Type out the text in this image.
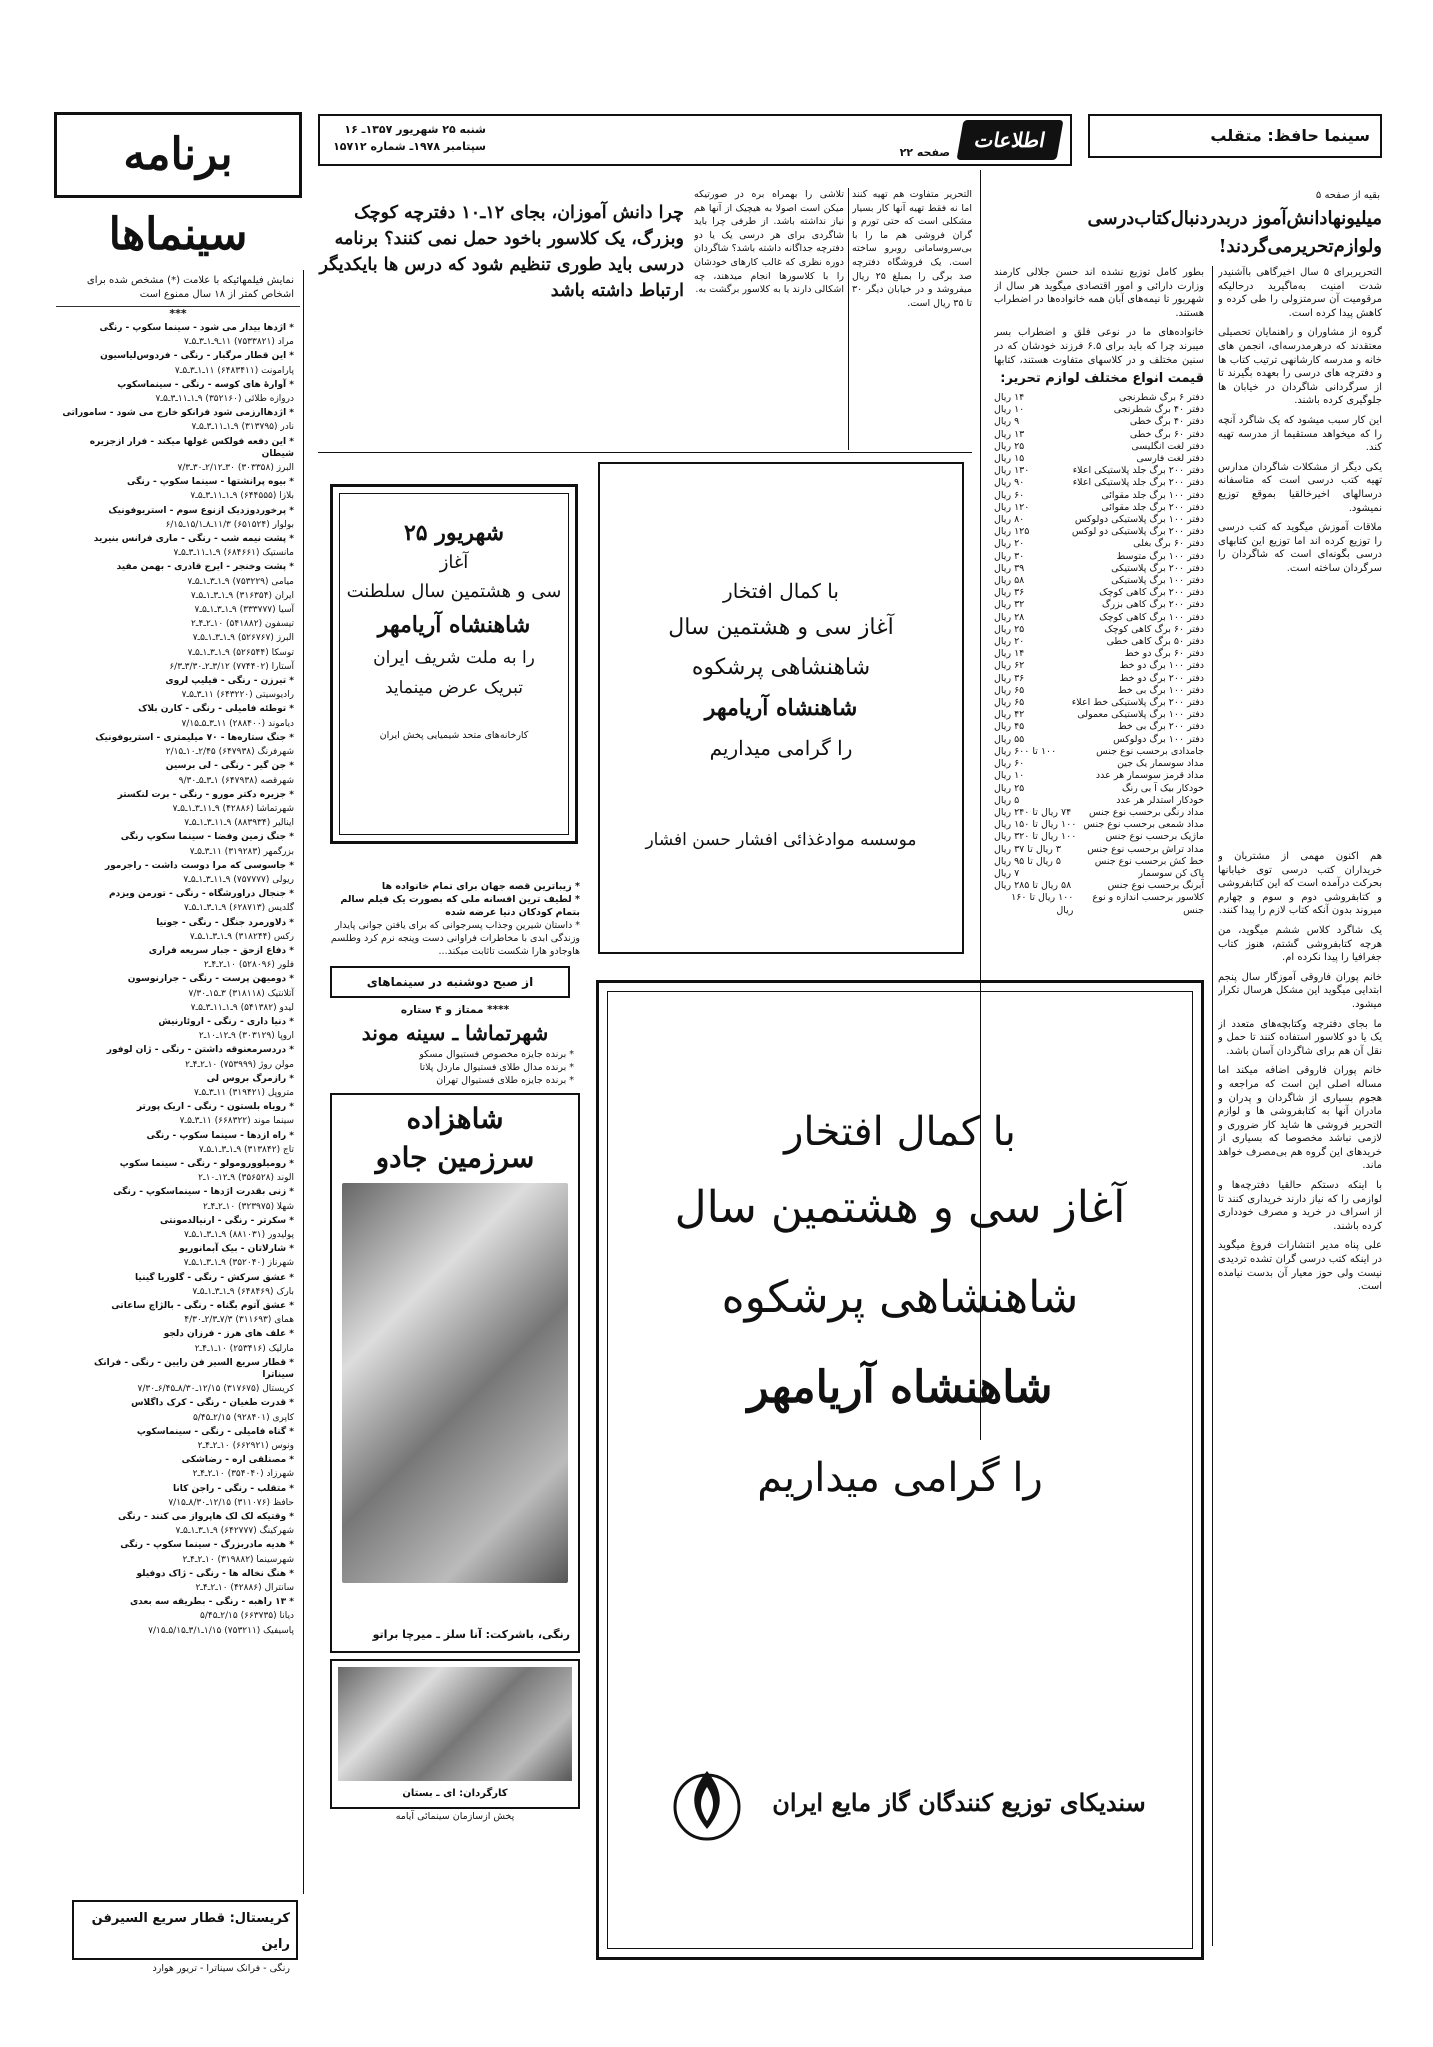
برنامه سینماها
شنبه ۲۵ شهریور ۱۳۵۷ـ ۱۶
سپتامبر ۱۹۷۸ـ شماره ۱۵۷۱۲	صفحه ۲۲
اطلاعات	سینما حافظ: متقلب
نمایش فیلمهائیکه با علامت (*) مشخص شده برای اشخاص کمتر از ۱۸ سال ممنوع است
***
* اژدها بیدار می شود - سینما سکوپ - رنگی
مراد (۷۵۳۳۸۲۱) ۱۱ـ۹ـ۱ـ۳ـ۵ـ۷
* این قطار مرگبار - رنگی - فردوس‌لیاسیون
پارامونت (۶۴۸۳۴۱۱) ۱۱ـ۱ـ۳ـ۵ـ۷
* آوارهٔ های کوسه - رنگی - سینماسکوپ
دروازه طلائی (۳۵۲۱۶۰) ۹ـ۱ـ۱۱ـ۳ـ۵ـ۷
* اژدها‌ارزمی شود فرانکو خارج می شود - ساموراتی
نادر (۳۱۳۷۹۵) ۹ـ۱ـ۱۱ـ۳ـ۵ـ۷
* این دفعه فولکس غولها میکند - فرار ازجزیره شیطان
البرز (۳۰۳۳۵۸) ۳۰ـ۲/۱۲ـ۳۰ـ۷/۳
* بیوه پرانشتها - سینما سکوپ - رنگی
بلازا (۶۴۴۵۵۵) ۹ـ۱ـ۱۱ـ۳ـ۵ـ۷
* پرخوردوزدیک ازنوع سوم - استریوفونیک
بولوار (۶۵۱۵۲۴) ۱۱/۳ـ۸ـ۱۵/۱ـ۶/۱۵
* پشت نیمه شب - رنگی - ماری فرانس بنیرید
مانستیک (۶۸۴۶۶۱) ۹ـ۱ـ۱۱ـ۳ـ۵ـ۷
* پشت وخنجر - ایرج قادری - بهمن مفید
میامی (۷۵۳۲۲۹) ۹ـ۱ـ۳ـ۱ـ۵ـ۷
ایران (۳۱۶۳۵۴) ۹ـ۱ـ۳ـ۱ـ۵ـ۷
آسیا (۳۳۳۷۷۷) ۹ـ۱ـ۳ـ۱ـ۵ـ۷
تیسفون (۵۴۱۸۸۲) ۱۰ـ۲ـ۴ـ۲
البرز (۵۲۶۷۶۷) ۹ـ۱ـ۳ـ۱ـ۵ـ۷
توسکا (۵۲۶۵۴۴) ۹ـ۱ـ۳ـ۱ـ۵ـ۷
آستارا (۷۷۴۴۰۲) ۳/۱۲ـ۲ـ۳/۳۰ـ۶/۳
* تیرزن - رنگی - فیلیپ لروی
رادیوسیتی (۶۴۳۲۲۰) ۱۱ـ۳ـ۵ـ۷
* توطئه فامیلی - رنگی - کارن بلاک
دیاموند (۲۸۸۴۰۰) ۱۱ـ۳ـ۵ـ۷/۱۵
* جنگ ستاره‌ها - ۷۰ میلیمتری - استریوفونیک
شهرفرنگ (۶۴۷۹۳۸) ۲/۴۵ـ۱۰ـ۲/۱۵
* جن گیر - رنگی - لی برسین
شهرقصه (۶۴۷۹۳۸) ۱ـ۳ـ۵ـ۹/۳۰
* جزیره دکتر مورو - رنگی - برت لنکستر
شهرتماشا (۴۲۸۸۶) ۹ـ۱۱ـ۳ـ۱ـ۵ـ۷
اینالیر (۸۸۳۹۳۴) ۹ـ۱۱ـ۳ـ۱ـ۵ـ۷
* جنگ زمین وفضا - سینما سکوپ رنگی
بزرگمهر (۳۱۹۲۸۳) ۱۱ـ۳ـ۵ـ۷
* جاسوسی که مرا دوست داشت - راجرمور
ریولی (۷۵۷۷۷۷) ۹ـ۱۱ـ۳ـ۱ـ۵ـ۷
* جنجال دراورشگاه - رنگی - تورمن ویزدم
گلدیس (۶۲۸۷۱۳) ۹ـ۱ـ۳ـ۱ـ۵ـ۷
* دلاورمرد جنگل - رنگی - جونیا
رکس (۳۱۸۲۴۴) ۹ـ۱ـ۳ـ۱ـ۵ـ۷
* دفاع ازحق - جبار سریعه فراری
فلور (۵۲۸۰۹۶) ۱۰ـ۲ـ۴ـ۲
* دوميهن پرست - رنگی - جرارنوسون
آتلانتیک (۳۱۸۱۱۸) ۳ـ۱۵ـ۷/۳۰
لیدو (۵۴۱۳۸۲) ۹ـ۱ـ۱۱ـ۳ـ۵ـ۷
* دنیا داری - رنگی - اروئارنیش
اروپا (۳۰۳۱۲۹) ۹ـ۱۲ـ۱۰ـ۲
* دردسرمعنوقه داشتن - رنگی - ژان لوفور
مولن روژ (۷۵۳۹۹۹) ۱۰ـ۲ـ۴ـ۲
* رازمرگ بروس لی
متروپل (۳۱۹۴۲۱) ۱۱ـ۳ـ۵ـ۷
* رویاه بلستون - رنگی - اریک پورتر
سینما موند (۶۶۸۳۲۲) ۱۱ـ۳ـ۵ـ۷
* راه ازدها - سینما سکوپ - رنگی
تاج (۳۱۳۸۴۲) ۹ـ۱ـ۳ـ۱ـ۵ـ۷
* رومیلوورومولو - رنگی - سینما سکوپ
الوند (۳۵۶۵۲۸) ۹ـ۱۲ـ۱۰ـ۲
* زنی بقدرت اژدها - سینماسکوپ - رنگی
شهلا (۳۲۳۹۷۵) ۱۰ـ۲ـ۴ـ۲
* سکرتر - رنگی - ارنیالدمونتی
پولیدور (۸۸۱۰۳۱) ۹ـ۱ـ۳ـ۱ـ۵ـ۷
* شارلاتان - بیک آبمانوریو
شهرناز (۳۵۲۰۴۰) ۹ـ۱ـ۳ـ۱ـ۵ـ۷
* عشق سرکش - رنگی - گلوریا گینیا
بارک (۶۴۸۴۶۹) ۹ـ۱ـ۳ـ۱ـ۵ـ۷
* عشق آتوم بگناه - رنگی - بالژاچ ساعاتی
همای (۳۱۱۶۹۳) ۷/۳ـ۲/۳ـ۴/۳۰
* علف های هرز - فرزان دلجو
مارلیک (۲۵۳۴۱۶) ۱۰ـ۱ـ۴ـ۲
* قطار سریع السیر فن رایین - رنگی - فرانک سیناترا
کریستال (۳۱۷۶۷۵) ۱۲/۱۵ـ۸/۳۰ـ۶/۴۵ـ۷/۳۰
* قدرت طغیان - رنگی - کرک داگلاس
کاپری (۹۲۸۴۰۱) ۲/۱۵ـ۵/۴۵
* گناه فامیلی - رنگی - سینماسکوپ
ونوس (۶۶۲۹۲۱) ۱۰ـ۲ـ۴ـ۲
* مصنلقی اره - رضا‌شکی
شهرزاد (۳۵۴۰۴۰) ۱۰ـ۲ـ۴ـ۲
* متقلب - رنگی - راجن کانا
حافظ (۳۱۱۰۷۶) ۱۲/۱۵ـ۸/۳۰ـ۷/۱۵
* وقتیکه لک لک هاپرواز می کنند - رنگی
شهرکینگ (۶۴۲۷۷۷) ۹ـ۱ـ۳ـ۱ـ۵ـ۷
* هدیه مادربزرگ - سینما سکوپ - رنگی
شهرسینما (۳۱۹۸۸۲) ۱۰ـ۲ـ۴ـ۲
* هنگ نخاله ها - رنگی - ژاک دوفیلو
سانترال (۴۲۸۸۶) ۱۰ـ۲ـ۴ـ۲
* ۱۳ راهبه - رنگی - بطریقه سه بعدی
دیانا (۶۶۳۷۳۵) ۲/۱۵ـ۵/۴۵
پاسیفیک (۷۵۳۲۱۱) ۱/۱۵ـ۳/۱ـ۵/۱۵ـ۷/۱۵
کریستال: قطار سریع السیرفن راین
رنگی - فرانک سیناترا - تریور هوارد
چرا دانش آموزان، بجای ۱۲ـ۱۰ دفترچه کوچک وبزرگ، یک کلاسور باخود حمل نمی کنند؟ برنامه درسی باید طوری تنظیم شود که درس ها بایکدیگر ارتباط داشته باشد
تلاشی را بهمراه بره در صورتیکه میکن است اصولا به هیچیک از آنها هم نیاز نداشته باشد. از طرفی چرا باید شاگردی برای هر درسی یک یا دو دفترچه جداگانه داشته باشد؟ شاگردان دوره نظری که غالب کارهای خودشان را با کلاسورها انجام میدهند، چه اشکالی دارند یا به کلاسور برگشت به.
التحریر متفاوت هم تهیه کنند اما نه فقط تهیه آنها کار بسیار مشکلی است که حتی تورم و گران فروشی هم ما را با بی‌سروسامانی روبرو ساخته است. یک فروشگاه دفترچه صد برگی را بمبلغ ۲۵ ریال میفروشد و در خیابان دیگر ۳۰ تا ۳۵ ریال است.
بقیه از صفحه ۵
میلیونهادانش‌آموز دربدردنبال‌کتاب‌درسی
ولوازم‌تحریرمی‌گردند!
التحریربرای ۵ سال اخیرگاهی باآشنیدر شدت امنیت به‌ما‌گیرید درحالیکه مرقومیت آن سرمتزولی را طی کرده و کاهش پیدا کرده است.
گروه از مشاوران و راهنمایان تحصیلی معتقدند که درهرمدرسه‌ای، انجمن های خانه و مدرسه کارشانهی ترتیب کتاب ها و دفترچه های درسی را بعهده بگیرند تا از سرگردانی شاگردان در خیابان ها جلوگیری کرده باشند.
این کار سبب میشود که یک شاگرد آنچه را که میخواهد مستقیما از مدرسه تهیه کند.
یکی دیگر از مشکلات شاگردان مدارس تهیه کتب درسی است که متاسفانه درسالهای اخیرخالقیا بموقع توزیع نمیشود.
ملاقات آموزش میگوید که کتب درسی را توزیع کرده اند اما توزیع این کتابهای درسی بگونه‌ای است که شاگردان را سرگردان ساخته است.
بطور کامل توزیع نشده اند حسن جلالی کارمند وزارت دارائی و امور اقتصادی میگوید هر سال از شهریور تا نیمه‌های آبان همه خانواده‌ها در اضطراب هستند.
خانواده‌های ما در نوعی فلق و اضطراب بسر میبرند چرا که باید برای ۶.۵ فرزند خودشان که در سنین مختلف و در کلاسهای متفاوت هستند، کتابها
قیمت انواع مختلف لوازم تحریر:
دفتر ۶ برگ شطرنجی
۱۴ ریال
دفتر ۴۰ برگ شطرنجی
۱۰ ریال
دفتر ۴۰ برگ خطی
۹ ریال
دفتر ۶۰ برگ خطی
۱۳ ریال
دفتر لغت انگلیسی
۲۵ ریال
دفتر لغت فارسی
۱۵ ریال
دفتر ۲۰۰ برگ جلد پلاستیکی اعلاء
۱۳۰ ریال
دفتر ۲۰۰ برگ جلد پلاستیکی اعلاء
۹۰ ریال
دفتر ۱۰۰ برگ جلد مقوائی
۶۰ ریال
دفتر ۲۰۰ برگ جلد مقوائی
۱۲۰ ریال
دفتر ۱۰۰ برگ پلاستیکی دولوکس
۸۰ ریال
دفتر ۲۰۰ برگ پلاستیکی دو لوکس
۱۲۵ ریال
دفتر ۶۰ برگ بغلی
۲۰ ریال
دفتر ۱۰۰ برگ متوسط
۳۰ ریال
دفتر ۲۰۰ برگ پلاستیکی
۳۹ ریال
دفتر ۱۰۰ برگ پلاستیکی
۵۸ ریال
دفتر ۲۰۰ برگ کاهی کوچک
۳۶ ریال
دفتر ۲۰۰ برگ کاهی بزرگ
۳۲ ریال
دفتر ۱۰۰ برگ کاهی کوچک
۲۸ ریال
دفتر ۶۰ برگ کاهی کوچک
۲۵ ریال
دفتر ۵۰ برگ کاهی خطی
۲۰ ریال
دفتر ۶۰ برگ دو خط
۱۴ ریال
دفتر ۱۰۰ برگ دو خط
۶۲ ریال
دفتر ۲۰۰ برگ دو خط
۳۶ ریال
دفتر ۱۰۰ برگ بی خط
۶۵ ریال
دفتر ۲۰۰ برگ پلاستیکی خط اعلاء
۶۵ ریال
دفتر ۱۰۰ برگ پلاستیکی معمولی
۴۲ ریال
دفتر ۲۰۰ برگ بی خط
۴۵ ریال
دفتر ۱۰۰ برگ دولوکس
۵۵ ریال
جامدادی برحسب نوع جنس
۱۰۰ تا ۶۰۰ ریال
مداد سوسمار یک جین
۶۰ ریال
مداد قرمز سوسمار هر عدد
۱۰ ریال
خودکار بیک آ بی رنگ
۲۵ ریال
خودکار استدلر هر عدد
۵ ریال
مداد رنگی برحسب نوع جنس
۷۴ ریال تا ۲۴۰ ریال
مداد شمعی برحسب نوع جنس
۱۰۰ ریال تا ۱۵۰ ریال
ماژیک برحسب نوع جنس
۱۰۰ ریال تا ۳۲۰ ریال
مداد تراش برحسب نوع جنس
۳ ریال تا ۳۷ ریال
خط کش برحسب نوع جنس
۵ ریال تا ۹۵ ریال
پاک کن سوسمار
۷ ریال
آبرنگ برحسب نوع جنس
۵۸ ریال تا ۲۸۵ ریال
کلاسور برحسب اندازه و نوع جنس
۱۰۰ ریال تا ۱۶۰ ریال
هم اکنون مهمی از مشتریان و خریداران کتب درسی توی خیابانها بحرکت درآمده است که این کتابفروشی و کتابفروشی دوم و سوم و چهارم میروند بدون آنکه کتاب لازم را پیدا کنند.
یک شاگرد کلاس ششم میگوید، من هرچه کتابفروشی گشتم، هنوز کتاب جغرافیا را پیدا نکرده ام.
خانم پوران فاروقی آموزگار سال پنجم ابتدایی میگوید این مشکل هرسال تکرار میشود.
ما بجای دفترچه وکتابچه‌های متعدد از یک یا دو کلاسور استفاده کنند تا حمل و نقل آن هم برای شاگردان آسان باشد.
خانم پوران فاروقی اضافه میکند اما مساله اصلی این است که مراجعه و هجوم بسیاری از شاگردان و پدران و مادران آنها به کتابفروشی ها و لوازم التحریر فروشی ها شاید کار ضروری و لازمی نباشد مخصوصا که بسیاری از خریدهای این گروه هم بی‌مصرف خواهد ماند.
با اینکه دستکم حالقیا دفترچه‌ها و لوازمی را که نیاز دارند خریداری کنند تا از اسراف در خرید و مصرف خودداری کرده باشند.
علی پناه مدیر انتشارات فروغ میگوید در اینکه کتب درسی گران تشده‌ تردیدی نیست ولی حوز معیار آن بدست نیامده است.
۲۵ شهریور
آغاز
سی و هشتمین سال سلطنت
شاهنشاه آریامهر
را به ملت شریف ایران
تبریک عرض مینماید
کارخانه‌های متحد شیمیایی پخش ایران
با کمال افتخار
آغاز سی و هشتمین سال
شاهنشاهی پرشکوه
شاهنشاه آریامهر
را گرامی میداریم
موسسه موادغذائی افشار حسن افشار
* زیباترین قصه جهان برای تمام خانواده ها
* لطیف ترین افسانه ملی که بصورت یک فیلم سالم بتمام کودکان دنیا عرضه شده
* داستان شیرین وجذاب پسرجوانی که برای یافتن جوانی پایدار وزندگی ابدی با مخاطرات فراوانی دست وپنجه نرم کرد وطلسم هاوجادو هارا شکست تاثابت میکند...
از صبح دوشنبه در سینماهای
ممتاز و ۴ ستاره ****
شهرتماشا ـ سینه موند
* برنده جایزه مخصوص فستیوال مسکو
* برنده مدال طلای فستیوال ماردل پلاتا
* برنده جایزه طلای فستیوال تهران
شاهزاده
سرزمین جادو
رنگی، باشرکت: آنا سلز ـ میرچا براتو
کارگردان: ای ـ بستان
پخش ازسازمان سینمائی آیامه
با کمال افتخار
آغاز سی و هشتمین سال
شاهنشاهی پرشکوه
شاهنشاه آریامهر
را گرامی میداریم
سندیکای توزیع کنندگان گاز مایع ایران
